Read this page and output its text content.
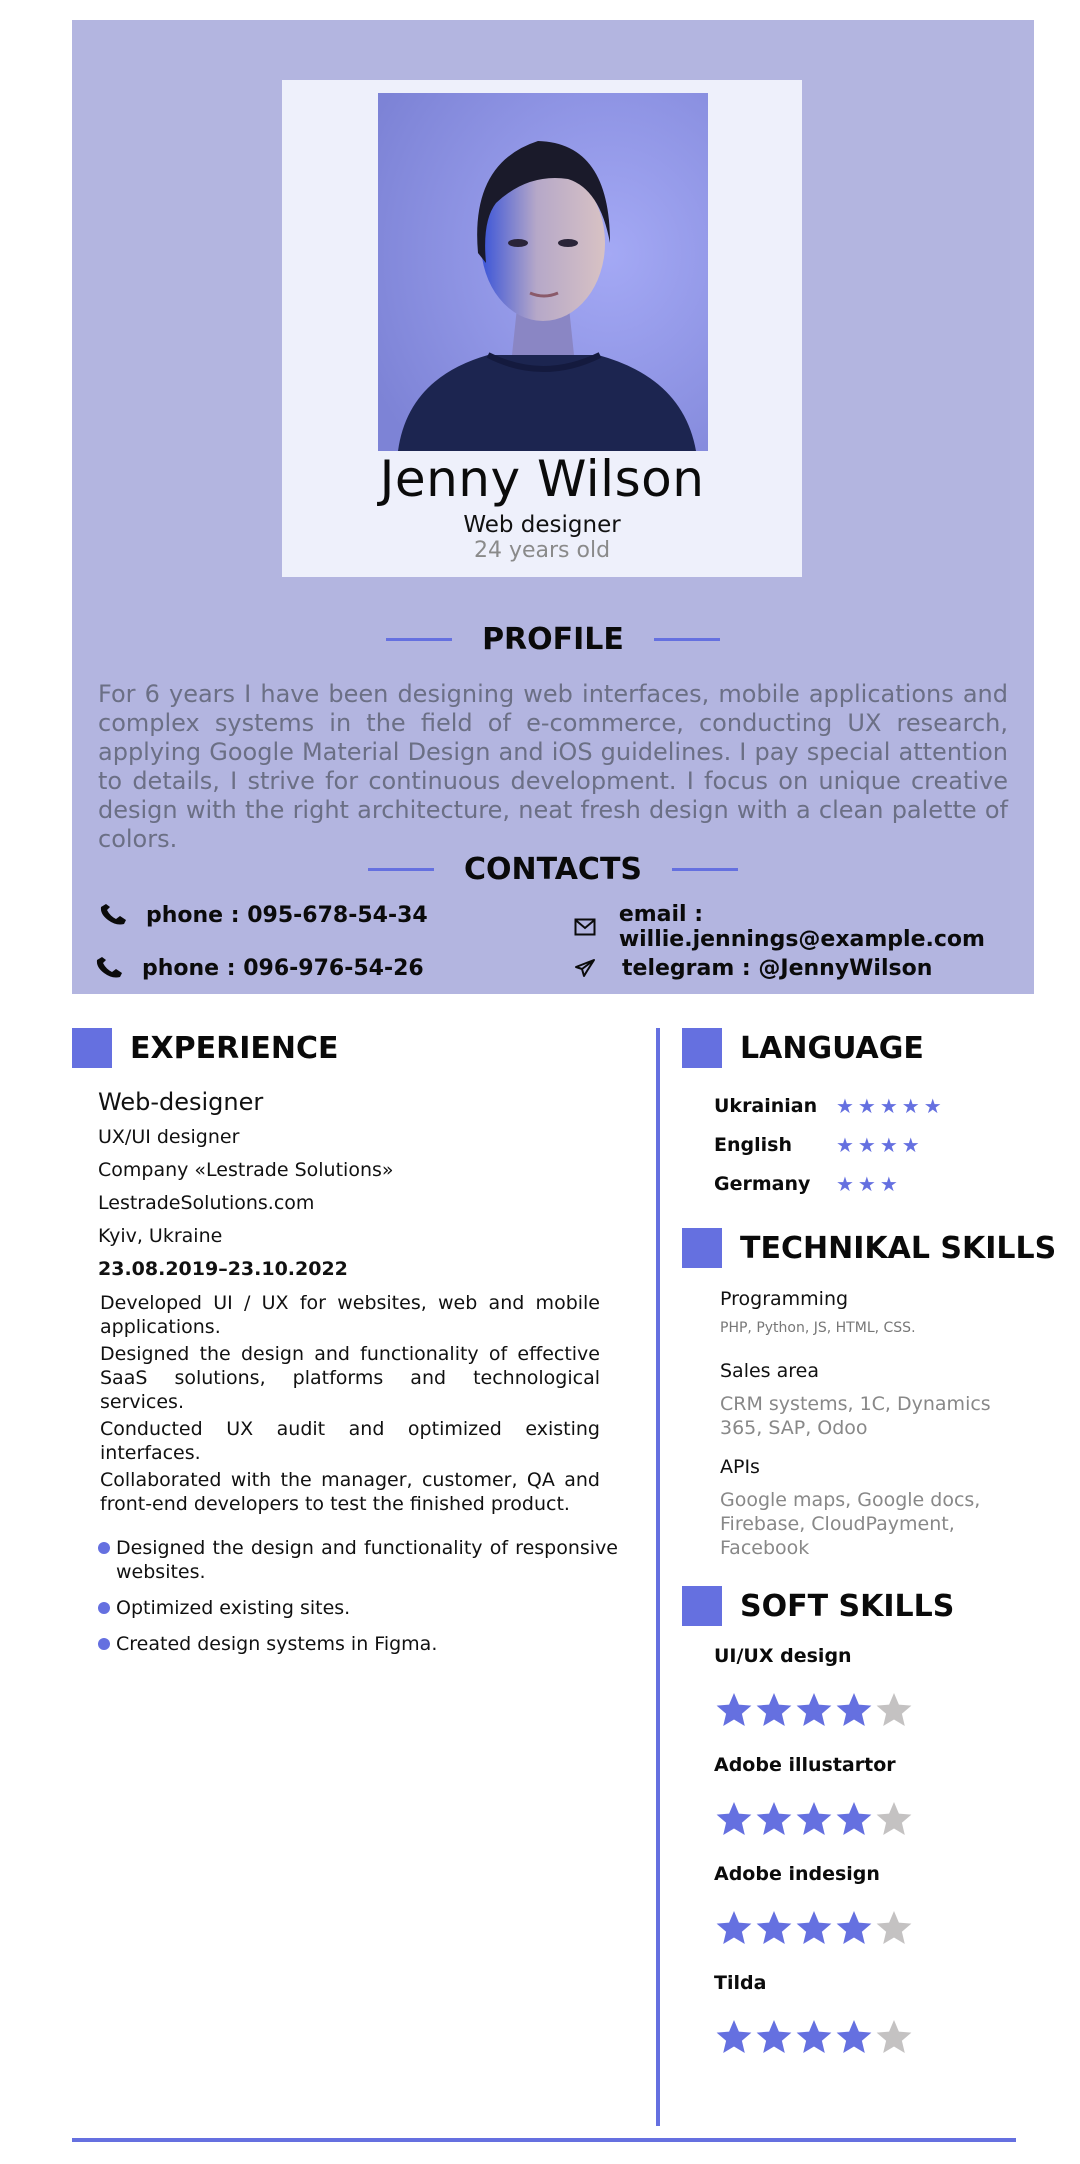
Jenny Wilson
Web designer
24 years old
PROFILE
For 6 years I have been designing web interfaces, mobile applications and complex systems in the field of e-commerce, conducting UX research, applying Google Material Design and iOS guidelines. I pay special attention to details, I strive for continuous development. I focus on unique creative design with the right architecture, neat fresh design with a clean palette of colors.
CONTACTS
phone : 095-678-54-34
phone : 096-976-54-26
email : willie.jennings@example.com
telegram : @JennyWilson
EXPERIENCE
Web-designer
UX/UI designer
Company «Lestrade Solutions»
LestradeSolutions.com
Kyiv, Ukraine
23.08.2019–23.10.2022
Developed UI / UX for websites, web and mobile applications.
Designed the design and functionality of effective SaaS solutions, platforms and technological services.
Conducted UX audit and optimized existing interfaces.
Collaborated with the manager, customer, QA and front-end developers to test the finished product.
Designed the design and functionality of responsive websites.
Optimized existing sites.
Created design systems in Figma.
LANGUAGE
Ukrainian ★★★★★
English	★★★★
Germany	★★★
TECHNIKAL SKILLS
Programming
PHP, Python, JS, HTML, CSS.
Sales area
CRM systems, 1C, Dynamics 365, SAP, Odoo
APIs
Google maps, Google docs, Firebase, CloudPayment, Facebook
SOFT SKILLS
UI/UX design
Adobe illustartor
Adobe indesign
Tilda
